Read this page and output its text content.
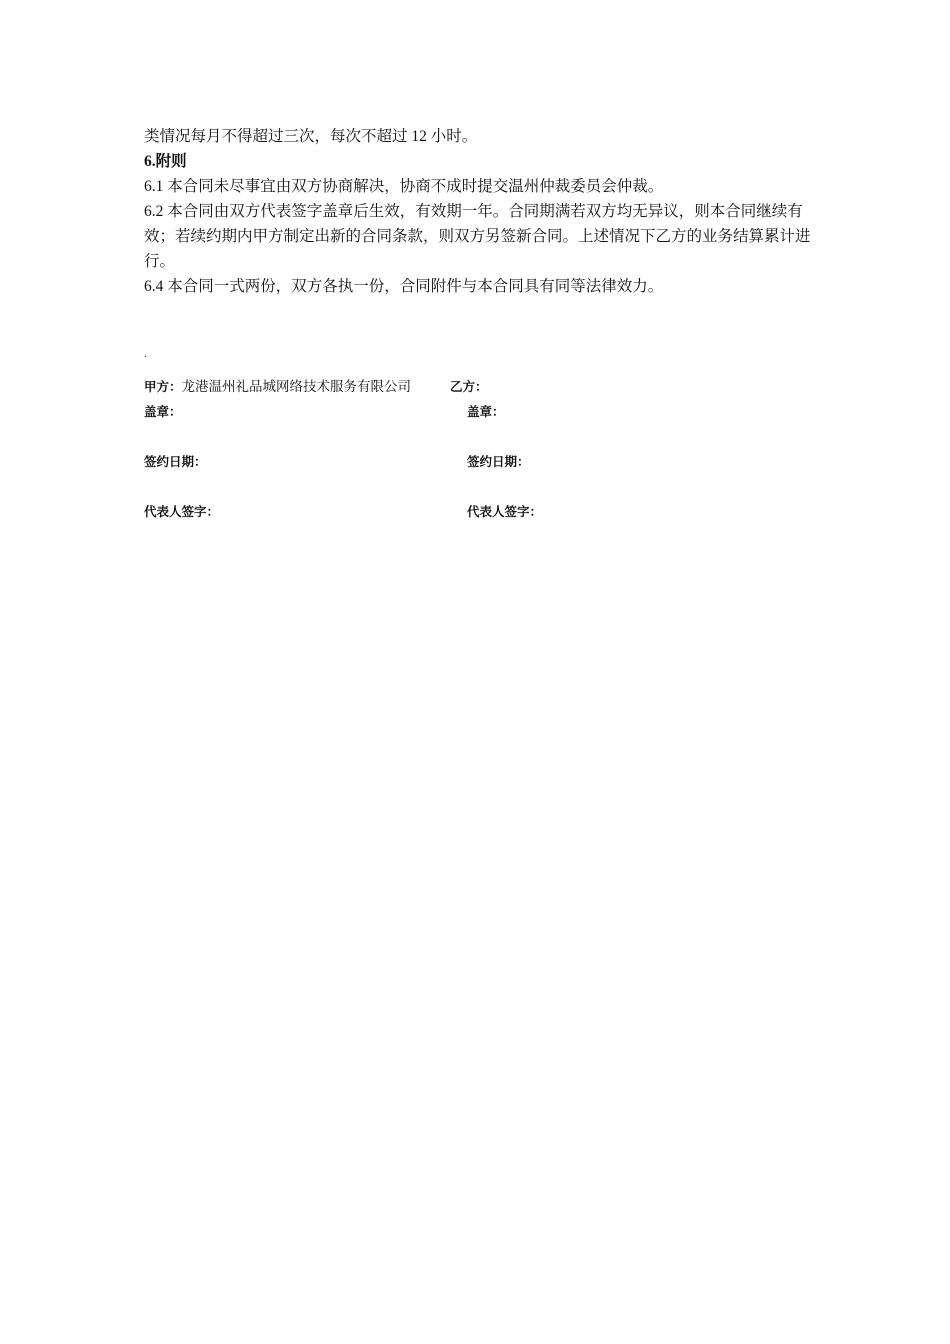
类情况每月不得超过三次，每次不超过 12 小时。

6.附则

6.1 本合同未尽事宜由双方协商解决，协商不成时提交温州仲裁委员会仲裁。

6.2 本合同由双方代表签字盖章后生效，有效期一年。合同期满若双方均无异议，则本合同继续有效；若续约期内甲方制定出新的合同条款，则双方另签新合同。上述情况下乙方的业务结算累计进行。

6.4 本合同一式两份，双方各执一份，合同附件与本合同具有同等法律效力。

.
甲方：龙港温州礼品城网络技术服务有限公司	乙方：
盖章：	盖章：
签约日期：	签约日期：
代表人签字：	代表人签字：
